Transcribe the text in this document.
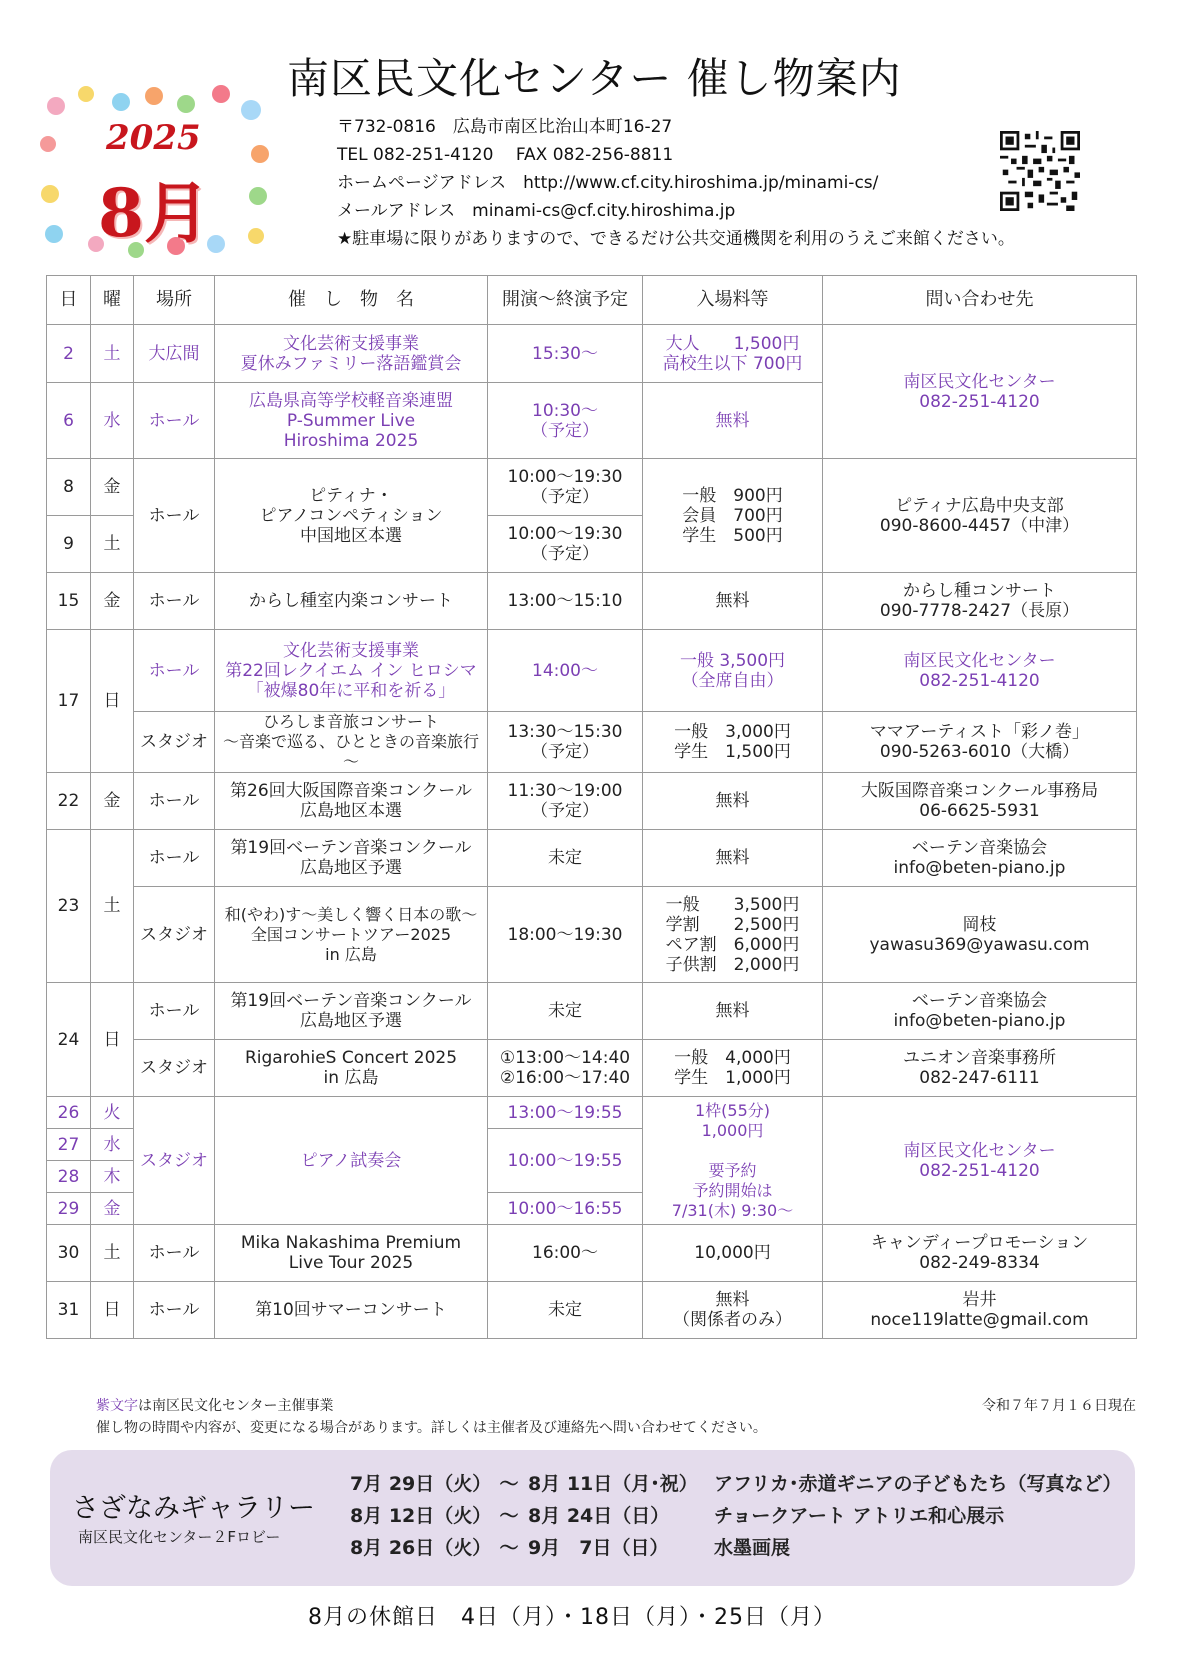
南区民文化センター 催し物案内
2025
8月
〒732-0816　広島市南区比治山本町16-27
TEL 082-251-4120　 FAX 082-256-8811
ホームページアドレス　http://www.cf.city.hiroshima.jp/minami-cs/
メールアドレス　minami-cs@cf.city.hiroshima.jp
★駐車場に限りがありますので、できるだけ公共交通機関を利用のうえご来館ください。
日	曜	場所	催　し　物　名	開演～終演予定	入場料等	問い合わせ先
2	土	大広間	文化芸術支援事業
夏休みファミリー落語鑑賞会	15:30～	大人　　1,500円
高校生以下 700円	南区民文化センター
082-251-4120
6	水	ホール	広島県高等学校軽音楽連盟
P-Summer Live
Hiroshima 2025	10:30～
（予定）	無料	
8	金	ホール	ピティナ・
ピアノコンペティション
中国地区本選	10:00～19:30
（予定）	一般　900円
会員　700円
学生　500円	ピティナ広島中央支部
090-8600-4457（中津）
9	土			10:00～19:30
（予定）		
15	金	ホール	からし種室内楽コンサート	13:00～15:10	無料	からし種コンサート
090-7778-2427（長原）
17	日	ホール	文化芸術支援事業
第22回レクイエム イン ヒロシマ
「被爆80年に平和を祈る」	14:00～	一般 3,500円
（全席自由）	南区民文化センター
082-251-4120
		スタジオ	ひろしま音旅コンサート
～音楽で巡る、ひとときの音楽旅行～	13:30～15:30
（予定）	一般　3,000円
学生　1,500円	ママアーティスト「彩ノ巻」
090-5263-6010（大橋）
22	金	ホール	第26回大阪国際音楽コンクール
広島地区本選	11:30～19:00
（予定）	無料	大阪国際音楽コンクール事務局
06-6625-5931
23	土	ホール	第19回ベーテン音楽コンクール
広島地区予選	未定	無料	ベーテン音楽協会
info@beten-piano.jp
		スタジオ	和(やわ)す～美しく響く日本の歌～
全国コンサートツアー2025
in 広島	18:00～19:30	一般　　3,500円
学割　　2,500円
ペア割　6,000円
子供割　2,000円	岡枝
yawasu369@yawasu.com
24	日	ホール	第19回ベーテン音楽コンクール
広島地区予選	未定	無料	ベーテン音楽協会
info@beten-piano.jp
		スタジオ	RigarohieS Concert 2025
in 広島	①13:00～14:40
②16:00～17:40	一般　4,000円
学生　1,000円	ユニオン音楽事務所
082-247-6111
26	火	スタジオ	ピアノ試奏会	13:00～19:55	1枠(55分)
1,000円

要予約
予約開始は
7/31(木) 9:30～	南区民文化センター
082-251-4120
27	水			10:00～19:55		
28	木					
29	金			10:00～16:55		
30	土	ホール	Mika Nakashima Premium
Live Tour 2025	16:00～	10,000円	キャンディープロモーション
082-249-8334
31	日	ホール	第10回サマーコンサート	未定	無料
（関係者のみ）	岩井
noce119latte@gmail.com
紫文字は南区民文化センター主催事業
催し物の時間や内容が、変更になる場合があります。詳しくは主催者及び連絡先へ問い合わせてください。
令和７年７月１６日現在
さざなみギャラリー
南区民文化センター２Fロビー
7月 29日（火） ～ 8月 11日（月･祝） アフリカ･赤道ギニアの子どもたち（写真など）
8月 12日（火） ～ 8月 24日（日） チョークアート アトリエ和心展示
8月 26日（火） ～ 9月　7日（日） 水墨画展
8月の休館日　4日（月）・18日（月）・25日（月）
